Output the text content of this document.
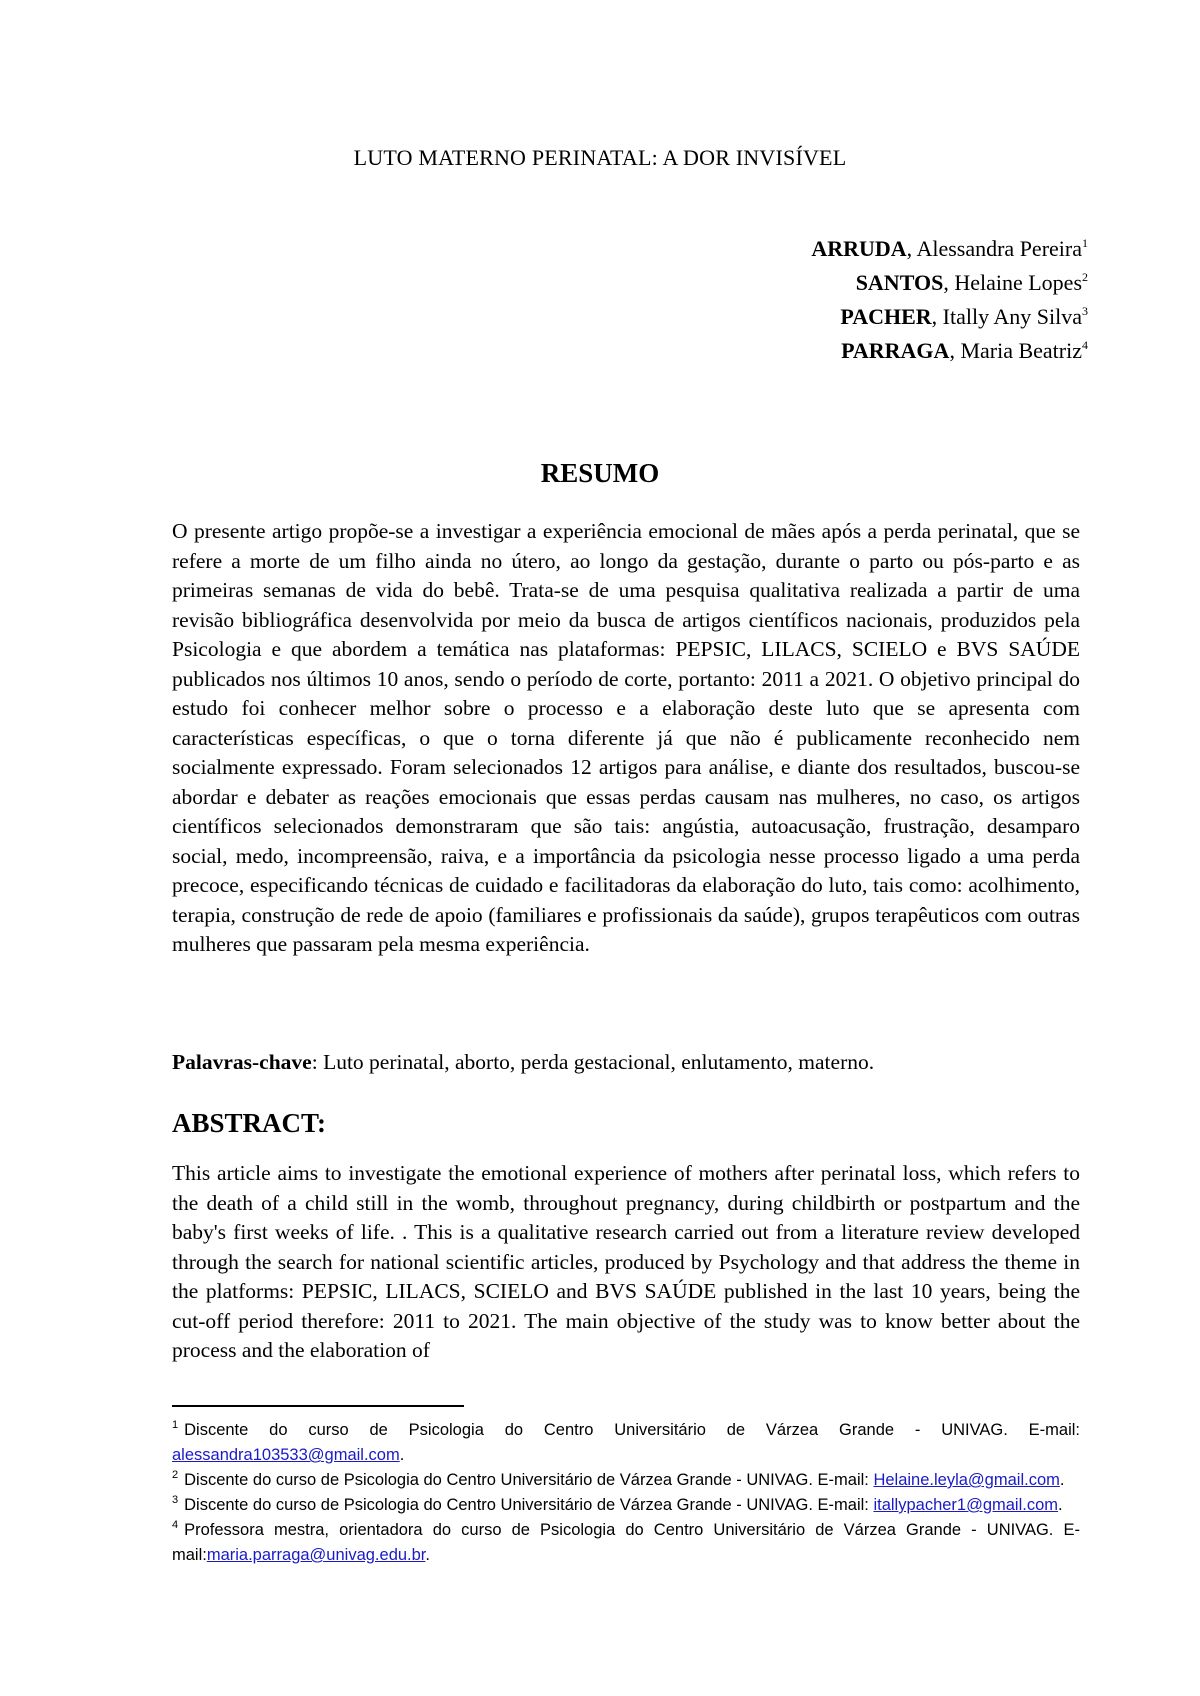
LUTO MATERNO PERINATAL: A DOR INVISÍVEL
ARRUDA, Alessandra Pereira$^1$
SANTOS, Helaine Lopes$^2$
PACHER, Itally Any Silva$^3$
PARRAGA, Maria Beatriz$^4$
RESUMO

O presente artigo propõe-se a investigar a experiência emocional de mães após a perda perinatal, que se refere a morte de um filho ainda no útero, ao longo da gestação, durante o parto ou pós-parto e as primeiras semanas de vida do bebê. Trata-se de uma pesquisa qualitativa realizada a partir de uma revisão bibliográfica desenvolvida por meio da busca de artigos científicos nacionais, produzidos pela Psicologia e que abordem a temática nas plataformas: PEPSIC, LILACS, SCIELO e BVS SAÚDE publicados nos últimos 10 anos, sendo o período de corte, portanto: 2011 a 2021. O objetivo principal do estudo foi conhecer melhor sobre o processo e a elaboração deste luto que se apresenta com características específicas, o que o torna diferente já que não é publicamente reconhecido nem socialmente expressado. Foram selecionados 12 artigos para análise, e diante dos resultados, buscou-se abordar e debater as reações emocionais que essas perdas causam nas mulheres, no caso, os artigos científicos selecionados demonstraram que são tais: angústia, autoacusação, frustração, desamparo social, medo, incompreensão, raiva, e a importância da psicologia nesse processo ligado a uma perda precoce, especificando técnicas de cuidado e facilitadoras da elaboração do luto, tais como: acolhimento, terapia, construção de rede de apoio (familiares e profissionais da saúde), grupos terapêuticos com outras mulheres que passaram pela mesma experiência.

Palavras-chave: Luto perinatal, aborto, perda gestacional, enlutamento, materno.

ABSTRACT:

This article aims to investigate the emotional experience of mothers after perinatal loss, which refers to the death of a child still in the womb, throughout pregnancy, during childbirth or postpartum and the baby's first weeks of life. . This is a qualitative research carried out from a literature review developed through the search for national scientific articles, produced by Psychology and that address the theme in the platforms: PEPSIC, LILACS, SCIELO and BVS SAÚDE published in the last 10 years, being the cut-off period therefore: 2011 to 2021. The main objective of the study was to know better about the process and the elaboration of

$^1$ Discente do curso de Psicologia do Centro Universitário de Várzea Grande - UNIVAG. E-mail: alessandra103533@gmail.com.

$^2$ Discente do curso de Psicologia do Centro Universitário de Várzea Grande - UNIVAG. E-mail: Helaine.leyla@gmail.com.

$^3$ Discente do curso de Psicologia do Centro Universitário de Várzea Grande - UNIVAG. E-mail: itallypacher1@gmail.com.

$^4$ Professora mestra, orientadora do curso de Psicologia do Centro Universitário de Várzea Grande - UNIVAG. E-mail:maria.parraga@univag.edu.br.
